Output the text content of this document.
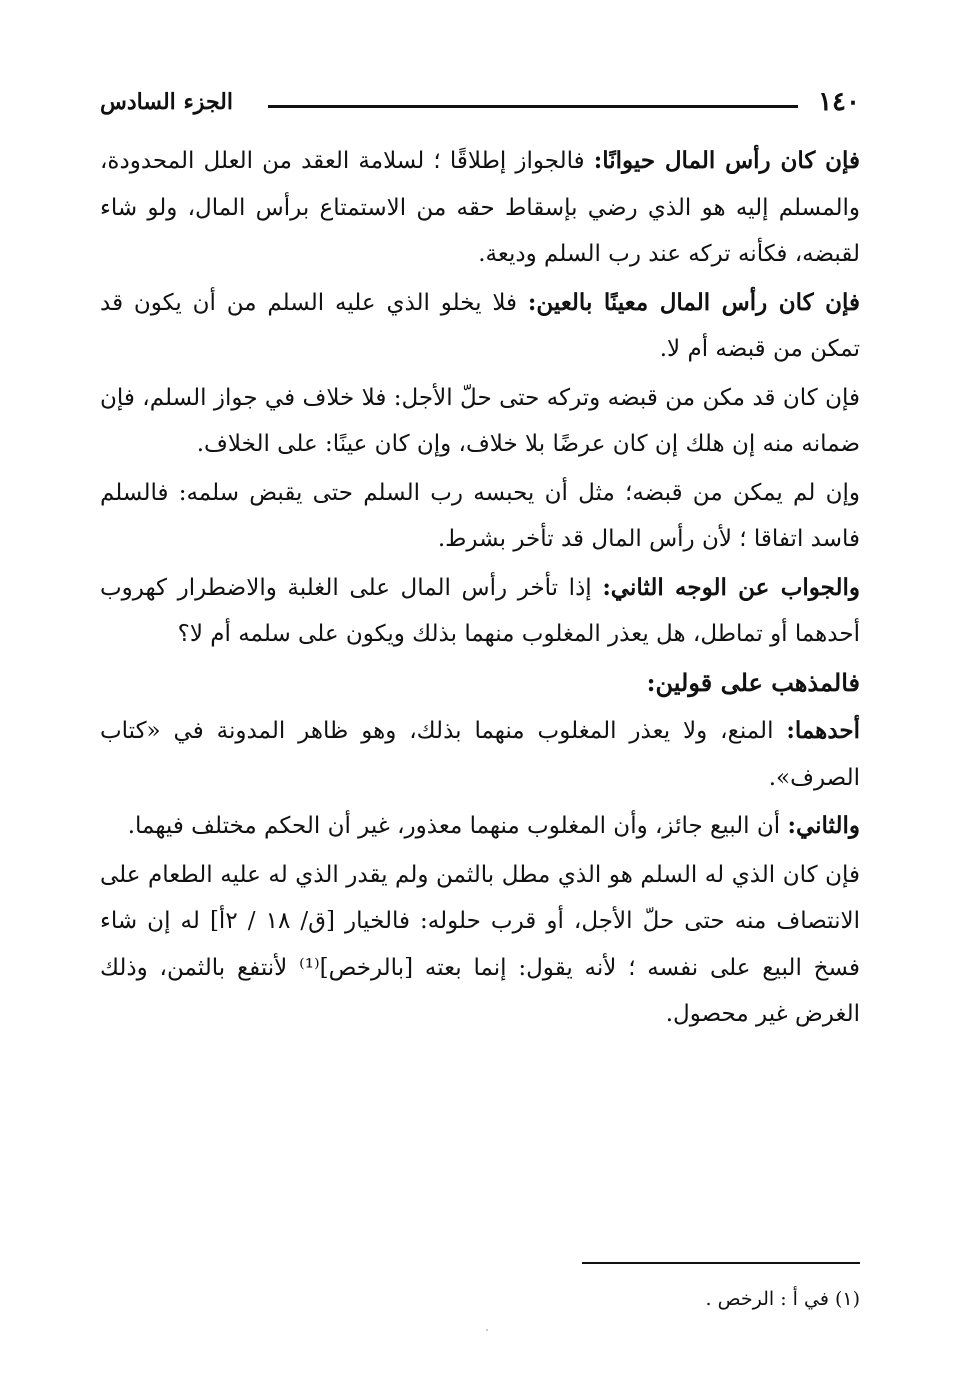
١٤٠
الجزء السادس

فإن كان رأس المال حيوانًا: فالجواز إطلاقًا ؛ لسلامة العقد من العلل المحدودة، والمسلم إليه هو الذي رضي بإسقاط حقه من الاستمتاع برأس المال، ولو شاء لقبضه، فكأنه تركه عند رب السلم وديعة.

فإن كان رأس المال معينًا بالعين: فلا يخلو الذي عليه السلم من أن يكون قد تمكن من قبضه أم لا.

فإن كان قد مكن من قبضه وتركه حتى حلّ الأجل: فلا خلاف في جواز السلم، فإن ضمانه منه إن هلك إن كان عرضًا بلا خلاف، وإن كان عينًا: على الخلاف.

وإن لم يمكن من قبضه؛ مثل أن يحبسه رب السلم حتى يقبض سلمه: فالسلم فاسد اتفاقا ؛ لأن رأس المال قد تأخر بشرط.

والجواب عن الوجه الثاني: إذا تأخر رأس المال على الغلبة والاضطرار كهروب أحدهما أو تماطل، هل يعذر المغلوب منهما بذلك ويكون على سلمه أم لا؟

فالمذهب على قولين:

أحدهما: المنع، ولا يعذر المغلوب منهما بذلك، وهو ظاهر المدونة في «كتاب الصرف».

والثاني: أن البيع جائز، وأن المغلوب منهما معذور، غير أن الحكم مختلف فيهما.

فإن كان الذي له السلم هو الذي مطل بالثمن ولم يقدر الذي له عليه الطعام على الانتصاف منه حتى حلّ الأجل، أو قرب حلوله: فالخيار [ق/ ١٨ / ٢أ] له إن شاء فسخ البيع على نفسه ؛ لأنه يقول: إنما بعته [بالرخص]⁽¹⁾ لأنتفع بالثمن، وذلك الغرض غير محصول.

(١) في أ : الرخص .
